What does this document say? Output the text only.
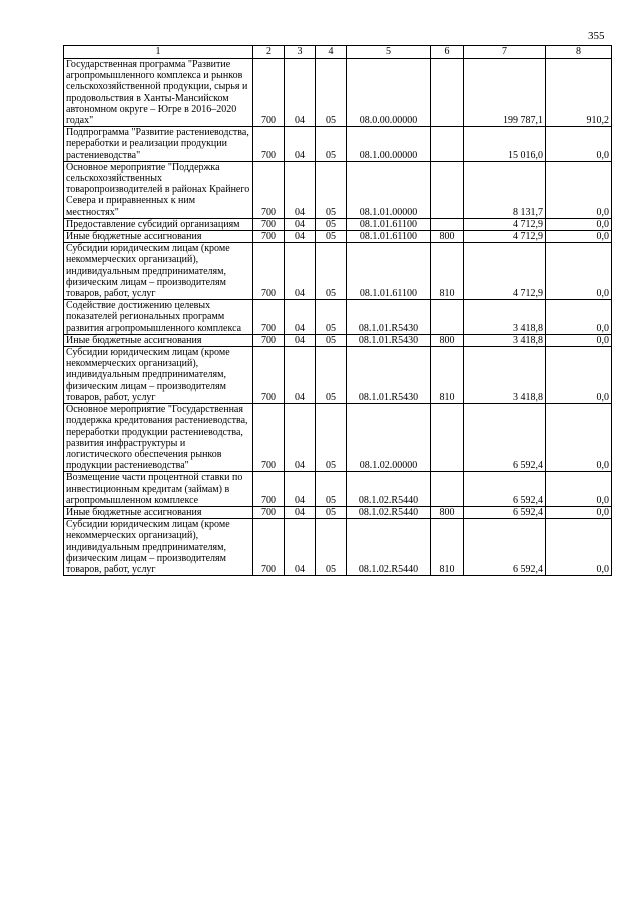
355
1	2	3	4	5	6	7	8
Государственная программа "Развитие агропромышленного комплекса и рынков сельскохозяйственной продукции, сырья и продовольствия в Ханты-Мансийском автономном округе – Югре в 2016–2020 годах"	700	04	05	08.0.00.00000		199 787,1	910,2
Подпрограмма "Развитие растениеводства, переработки и реализации продукции растениеводства"	700	04	05	08.1.00.00000		15 016,0	0,0
Основное мероприятие "Поддержка сельскохозяйственных товаропроизводителей в районах Крайнего Севера и приравненных к ним местностях"	700	04	05	08.1.01.00000		8 131,7	0,0
Предоставление субсидий организациям	700	04	05	08.1.01.61100		4 712,9	0,0
Иные бюджетные ассигнования	700	04	05	08.1.01.61100	800	4 712,9	0,0
Субсидии юридическим лицам (кроме некоммерческих организаций), индивидуальным предпринимателям, физическим лицам – производителям товаров, работ, услуг	700	04	05	08.1.01.61100	810	4 712,9	0,0
Содействие достижению целевых показателей региональных программ развития агропромышленного комплекса	700	04	05	08.1.01.R5430		3 418,8	0,0
Иные бюджетные ассигнования	700	04	05	08.1.01.R5430	800	3 418,8	0,0
Субсидии юридическим лицам (кроме некоммерческих организаций), индивидуальным предпринимателям, физическим лицам – производителям товаров, работ, услуг	700	04	05	08.1.01.R5430	810	3 418,8	0,0
Основное мероприятие "Государственная поддержка кредитования растениеводства, переработки продукции растениеводства, развития инфраструктуры и логистического обеспечения рынков продукции растениеводства"	700	04	05	08.1.02.00000		6 592,4	0,0
Возмещение части процентной ставки по инвестиционным кредитам (займам) в агропромышленном комплексе	700	04	05	08.1.02.R5440		6 592,4	0,0
Иные бюджетные ассигнования	700	04	05	08.1.02.R5440	800	6 592,4	0,0
Субсидии юридическим лицам (кроме некоммерческих организаций), индивидуальным предпринимателям, физическим лицам – производителям товаров, работ, услуг	700	04	05	08.1.02.R5440	810	6 592,4	0,0
